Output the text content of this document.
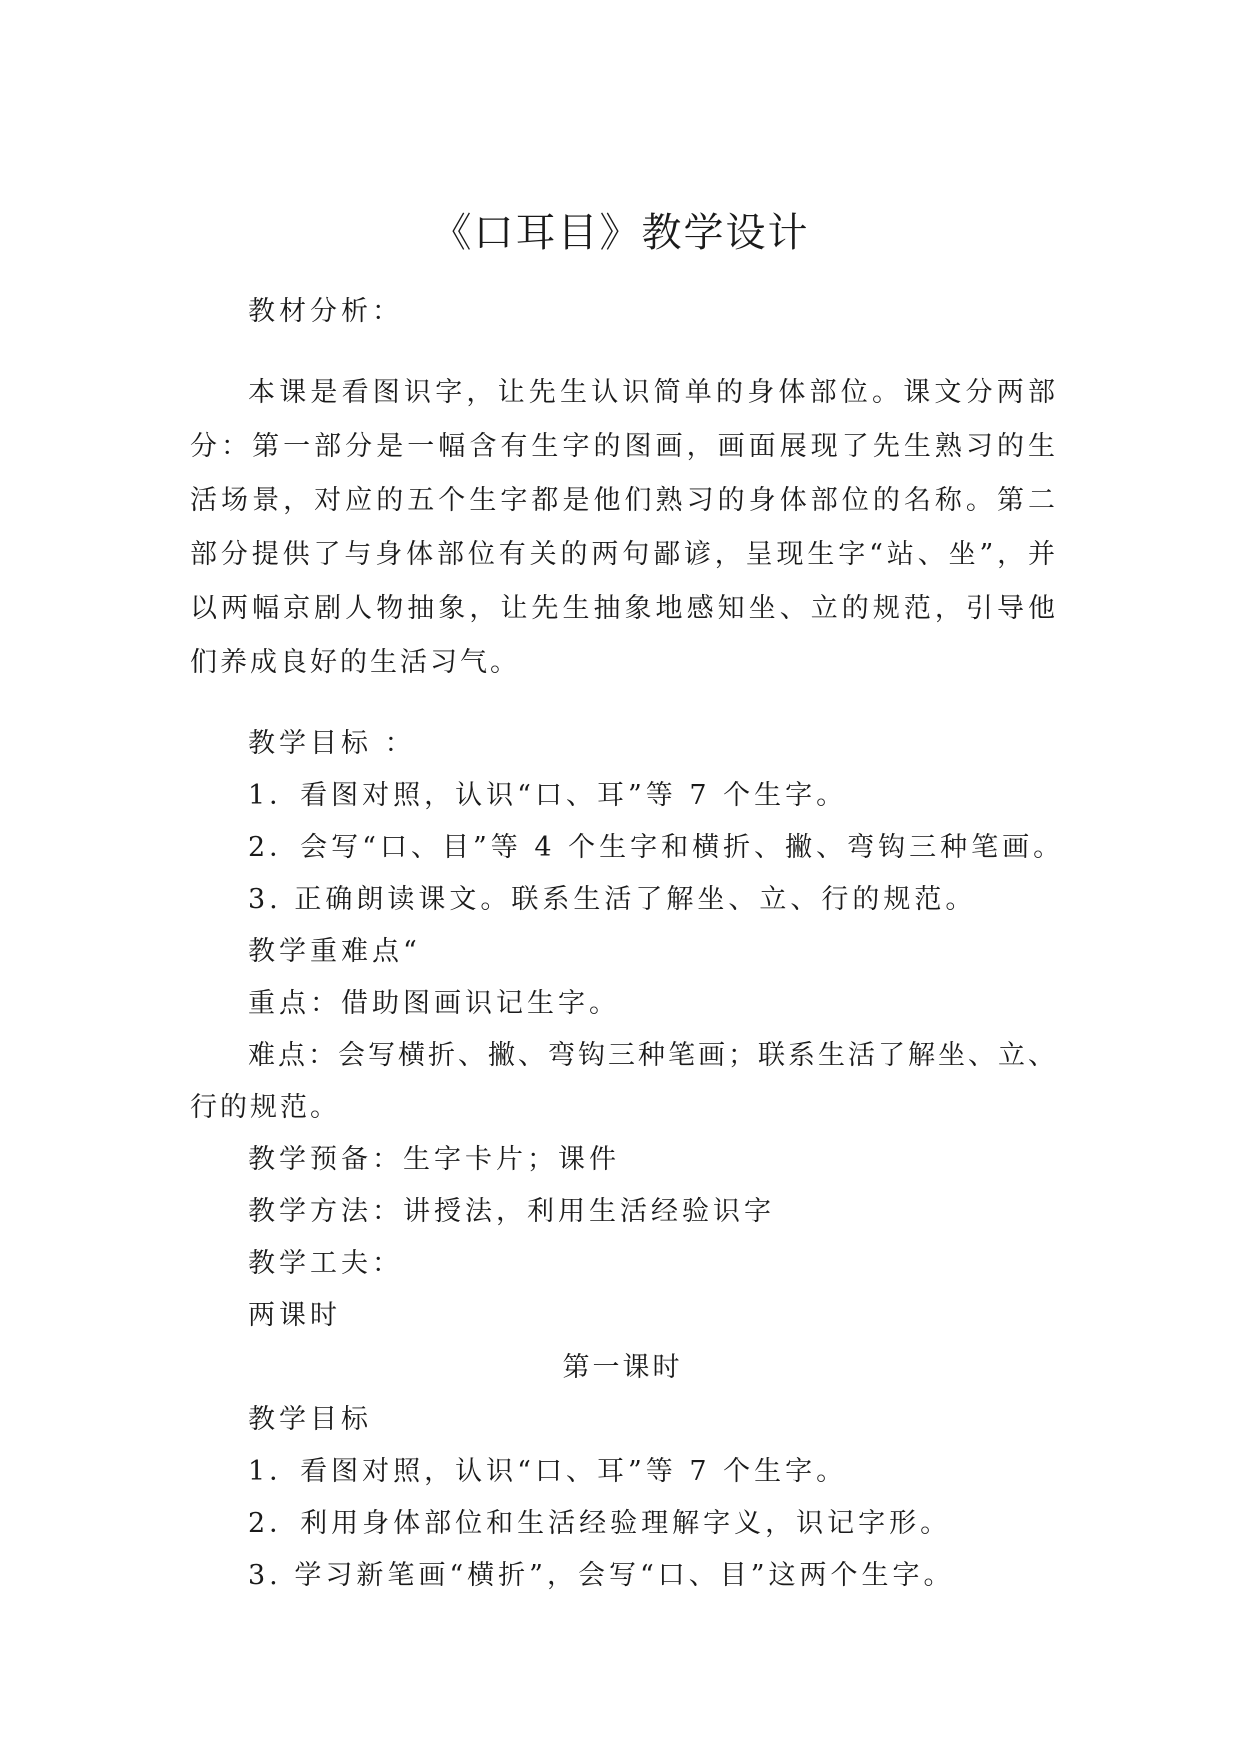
《口耳目》教学设计
教材分析：

本课是看图识字，让先生认识简单的身体部位。课文分两部分：第一部分是一幅含有生字的图画，画面展现了先生熟习的生活场景，对应的五个生字都是他们熟习的身体部位的名称。第二部分提供了与身体部位有关的两句鄙谚，呈现生字“站、坐”，并以两幅京剧人物抽象，让先生抽象地感知坐、立的规范，引导他们养成良好的生活习气。

教学目标 ：
1．看图对照，认识“口、耳”等 7 个生字。
2．会写“口、目”等 4 个生字和横折、撇、弯钩三种笔画。
3. 正确朗读课文。联系生活了解坐、立、行的规范。
教学重难点“
重点：借助图画识记生字。

难点：会写横折、撇、弯钩三种笔画；联系生活了解坐、立、行的规范。

教学预备：生字卡片；课件
教学方法：讲授法，利用生活经验识字
教学工夫：
两课时
第一课时
教学目标
1．看图对照，认识“口、耳”等 7 个生字。
2．利用身体部位和生活经验理解字义，识记字形。
3. 学习新笔画“横折”，会写“口、目”这两个生字。
